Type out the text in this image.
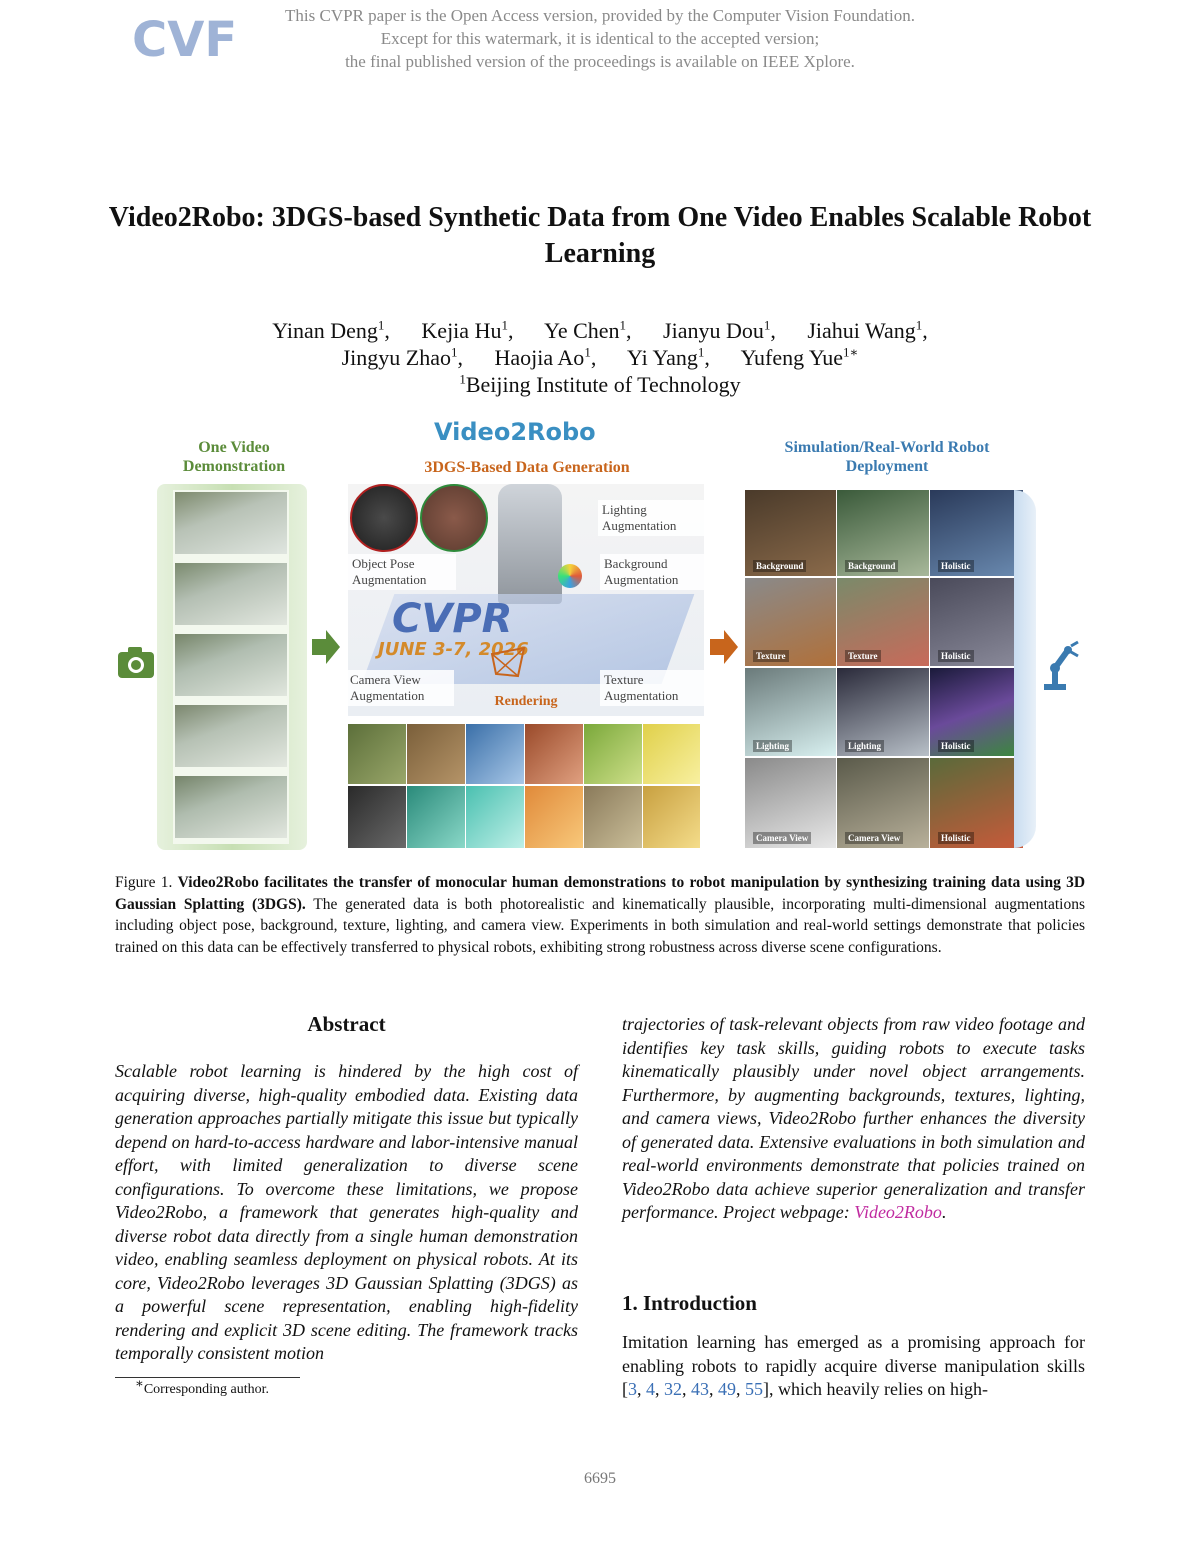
CVF	This CVPR paper is the Open Access version, provided by the Computer Vision Foundation.
Except for this watermark, it is identical to the accepted version;
the final published version of the proceedings is available on IEEE Xplore.
Video2Robo: 3DGS-based Synthetic Data from One Video Enables Scalable Robot Learning
Yinan Deng$^1$, Kejia Hu$^1$, Ye Chen$^1$, Jianyu Dou$^1$, Jiahui Wang$^1$,
Jingyu Zhao$^1$, Haojia Ao$^1$, Yi Yang$^1$, Yufeng Yue$^{1∗}$
$^1$Beijing Institute of Technology
One Video Demonstration
Video2Robo
3DGS-Based Data Generation
CVPR
JUNE 3-7, 2026
Lighting Augmentation
Object Pose Augmentation
Background Augmentation
Camera View Augmentation
Texture Augmentation
Rendering
Simulation/Real-World Robot Deployment
Background	Background	Holistic
Texture	Texture	Holistic
Lighting	Lighting	Holistic
Camera View	Camera View	Holistic
Figure 1. Video2Robo facilitates the transfer of monocular human demonstrations to robot manipulation by synthesizing training data using 3D Gaussian Splatting (3DGS). The generated data is both photorealistic and kinematically plausible, incorporating multi-dimensional augmentations including object pose, background, texture, lighting, and camera view. Experiments in both simulation and real-world settings demonstrate that policies trained on this data can be effectively transferred to physical robots, exhibiting strong robustness across diverse scene configurations.
Abstract
Scalable robot learning is hindered by the high cost of acquiring diverse, high-quality embodied data. Existing data generation approaches partially mitigate this issue but typically depend on hard-to-access hardware and labor-intensive manual effort, with limited generalization to diverse scene configurations. To overcome these limitations, we propose Video2Robo, a framework that generates high-quality and diverse robot data directly from a single human demonstration video, enabling seamless deployment on physical robots. At its core, Video2Robo leverages 3D Gaussian Splatting (3DGS) as a powerful scene representation, enabling high-fidelity rendering and explicit 3D scene editing. The framework tracks temporally consistent motion
trajectories of task-relevant objects from raw video footage and identifies key task skills, guiding robots to execute tasks kinematically plausibly under novel object arrangements. Furthermore, by augmenting backgrounds, textures, lighting, and camera views, Video2Robo further enhances the diversity of generated data. Extensive evaluations in both simulation and real-world environments demonstrate that policies trained on Video2Robo data achieve superior generalization and transfer performance. Project webpage: Video2Robo.
1. Introduction
Imitation learning has emerged as a promising approach for enabling robots to rapidly acquire diverse manipulation skills [3, 4, 32, 43, 49, 55], which heavily relies on high-
∗Corresponding author.
6695
